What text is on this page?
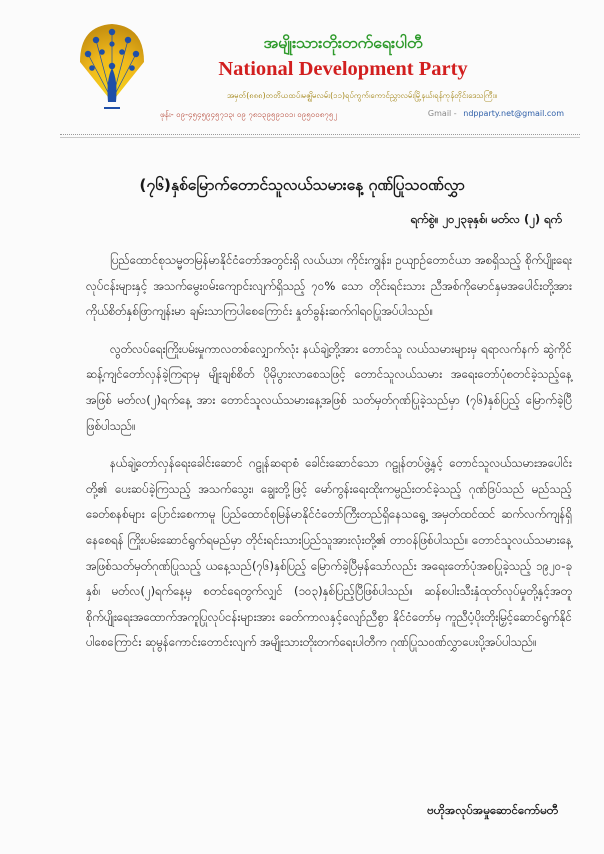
အမျိုးသားတိုးတက်ရေးပါတီ
National Development Party
အမှတ်(၈၈၈)တတိယထပ်၊မဇ္ဈိမလမ်း(၁၁)ရပ်ကွက်၊ကောင်ညွှာလမ်းမြို့နယ်၊ရန်ကုန်တိုင်းဒေသကြီး။
ဖုန်း- ၀၉-၄၅၄၅၉၄၅၇၁၃၊ ၀၉ ၇၈၁၃၉၅၉၁၀၁၊ ၀၉၅၀၀၈၇၅၂	Gmail - ndpparty.net@gmail.com
(၇၆)နှစ်မြောက်တောင်သူလယ်သမားနေ့ ဂုဏ်ပြုသဝဏ်လွှာ
ရက်စွဲ။ ၂၀၂၃ခုနှစ်၊ မတ်လ (၂) ရက်

ပြည်ထောင်စုသမ္မတမြန်မာနိုင်ငံတော်အတွင်းရှိ လယ်ယာ၊ ကိုင်းကျွန်း၊ ဥယျာဉ်တောင်ယာ အစရှိသည့် စိုက်ပျိုးရေးလုပ်ငန်းများနှင့် အသက်မွေးဝမ်းကျောင်းလျက်ရှိသည့် ၇၀% သော တိုင်းရင်းသား ညီအစ်ကိုမောင်နှမအပေါင်းတို့အား ကိုယ်စိတ်နှစ်ဖြာကျန်းမာ ချမ်းသာကြပါစေကြောင်း နှုတ်ခွန်းဆက်ဂါရဝပြုအပ်ပါသည်။

လွတ်လပ်ရေးကြိုးပမ်းမှုကာလတစ်လျှောက်လုံး နယ်ချဲ့တို့အား တောင်သူ လယ်သမားများမှ ရရာလက်နက် ဆွဲကိုင်ဆန့်ကျင်တော်လှန်ခဲ့ကြရာမှ မျိုးချစ်စိတ် ပိုမိုပွားလာစေသဖြင့် တောင်သူလယ်သမား အရေးတော်ပုံစတင်ခဲ့သည့်နေ့အဖြစ် မတ်လ(၂)ရက်နေ့ အား တောင်သူလယ်သမားနေ့အဖြစ် သတ်မှတ်ဂုဏ်ပြုခဲ့သည်မှာ (၇၆)နှစ်ပြည့် မြောက်ခဲ့ပြီဖြစ်ပါသည်။

နယ်ချဲ့တော်လှန်ရေးခေါင်းဆောင် ဂဠုန်ဆရာစံ ခေါင်းဆောင်သော ဂဠုန်တပ်ဖွဲ့နှင့် တောင်သူလယ်သမားအပေါင်းတို့၏ ပေးဆပ်ခဲ့ကြသည့် အသက်သွေး၊ ချွေးတို့ဖြင့် မော်ကွန်းရေးထိုးကမ္ပည်းတင်ခဲ့သည့် ဂုဏ်ဒြပ်သည် မည်သည့်ခေတ်စနစ်များ ပြောင်းစေကာမူ ပြည်ထောင်စုမြန်မာနိုင်ငံတော်ကြီးတည်ရှိနေသရွေ့ အမှတ်ထင်ထင် ဆက်လက်ကျန်ရှိနေစေရန် ကြိုးပမ်းဆောင်ရွက်ရမည်မှာ တိုင်းရင်းသားပြည်သူအားလုံးတို့၏ တာဝန်ဖြစ်ပါသည်။ တောင်သူလယ်သမားနေ့အဖြစ်သတ်မှတ်ဂုဏ်ပြုသည့် ယနေ့သည်(၇၆)နှစ်ပြည့် မြောက်ခဲ့ပြီမှန်သော်လည်း အရေးတော်ပုံအစပြုခဲ့သည့် ၁၉၂၀-ခုနှစ်၊ မတ်လ(၂)ရက်နေ့မှ စတင်ရေတွက်လျှင် (၁၀၃)နှစ်ပြည့်ပြီဖြစ်ပါသည်။ ဆန်စပါးသီးနှံထုတ်လုပ်မှုတို့နှင့်အတူ စိုက်ပျိုးရေးအထောက်အကူပြုလုပ်ငန်းများအား ခေတ်ကာလနှင့်လျော်ညီစွာ နိုင်ငံတော်မှ ကူညီပံ့ပိုးတိုးမြှင့်ဆောင်ရွက်နိုင်ပါစေကြောင်း ဆုမွန်ကောင်းတောင်းလျက် အမျိုးသားတိုးတက်ရေးပါတီက ဂုဏ်ပြုသဝဏ်လွှာပေးပို့အပ်ပါသည်။

ဗဟိုအလုပ်အမှုဆောင်ကော်မတီ
